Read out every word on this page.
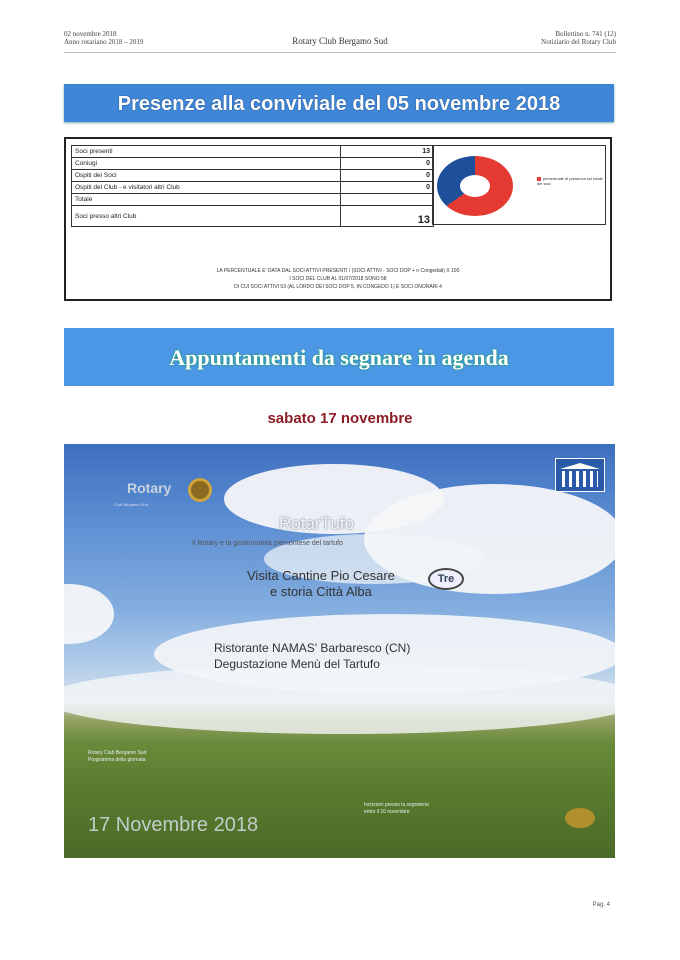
02 novembre 2018
Anno rotariano 2018 – 2019	Rotary Club Bergamo Sud
Bollettino n. 741 (12)
Notiziario del Rotary Club
Presenze alla conviviale del 05 novembre 2018
Soci presenti	13
Coniugi	0
Ospiti dei Soci	0
Ospiti del Club - e visitatori altri Club	0
Totale	
Soci presso altri Club	13
percentuale di presenza sul totale dei soci
LA PERCENTUALE E' DATA DAL SOCI ATTIVI PRESENTI / (SOCI ATTIVI - SOCI DOP + n Congedati) X 100
I SOCI DEL CLUB AL 01/07/2018 SONO 58
DI CUI SOCI ATTIVI 53 (AL LORDO DEI SOCI DOP 5, IN CONGEDO 1) E SOCI ONORARI 4
Appuntamenti da segnare in agenda
sabato 17 novembre
Rotary
Club Bergamo Sud
RotarTufo
Il Rotary e la gastronomia piemontese del tartufo
Visita Cantine Pio Cesare
e storia Città Alba
Tre
Ristorante NAMAS' Barbaresco (CN)
Degustazione Menù del Tartufo
Rotary Club Bergamo Sud
Programma della giornata
Iscrizioni presso la segreteria
entro il 10 novembre
17 Novembre 2018
Pag. 4
